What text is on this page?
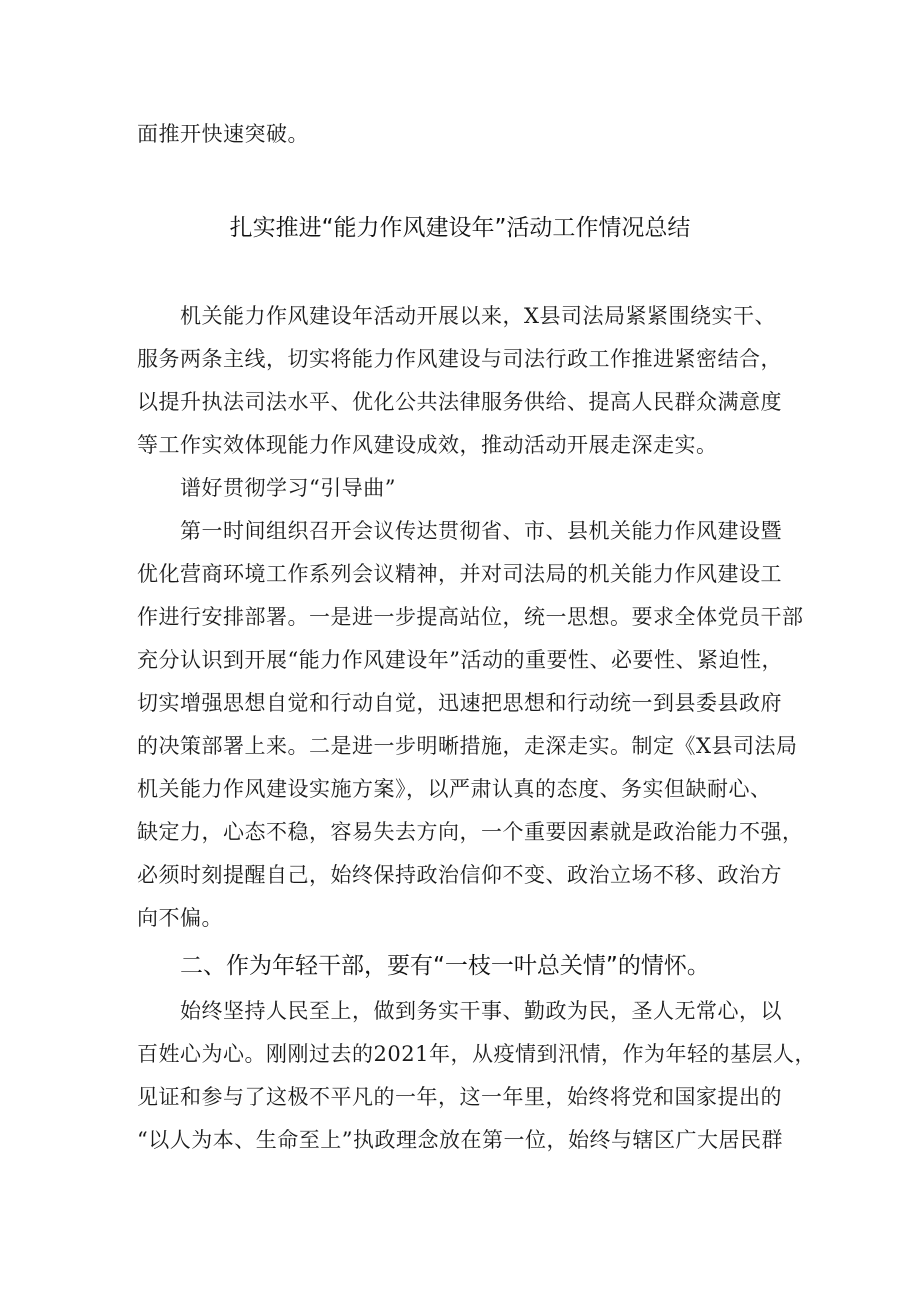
面推开快速突破。
扎实推进“能力作风建设年”活动工作情况总结
机关能力作风建设年活动开展以来，X县司法局紧紧围绕实干、
服务两条主线，切实将能力作风建设与司法行政工作推进紧密结合，
以提升执法司法水平、优化公共法律服务供给、提高人民群众满意度
等工作实效体现能力作风建设成效，推动活动开展走深走实。
谱好贯彻学习“引导曲”
第一时间组织召开会议传达贯彻省、市、县机关能力作风建设暨
优化营商环境工作系列会议精神，并对司法局的机关能力作风建设工
作进行安排部署。一是进一步提高站位，统一思想。要求全体党员干部
充分认识到开展“能力作风建设年”活动的重要性、必要性、紧迫性，
切实增强思想自觉和行动自觉，迅速把思想和行动统一到县委县政府
的决策部署上来。二是进一步明晰措施，走深走实。制定《X县司法局
机关能力作风建设实施方案》，以严肃认真的态度、务实但缺耐心、
缺定力，心态不稳，容易失去方向，一个重要因素就是政治能力不强，
必须时刻提醒自己，始终保持政治信仰不变、政治立场不移、政治方
向不偏。
二、作为年轻干部，要有“一枝一叶总关情”的情怀。
始终坚持人民至上，做到务实干事、勤政为民，圣人无常心，以
百姓心为心。刚刚过去的2021年，从疫情到汛情，作为年轻的基层人，
见证和参与了这极不平凡的一年，这一年里，始终将党和国家提出的
“以人为本、生命至上”执政理念放在第一位，始终与辖区广大居民群
